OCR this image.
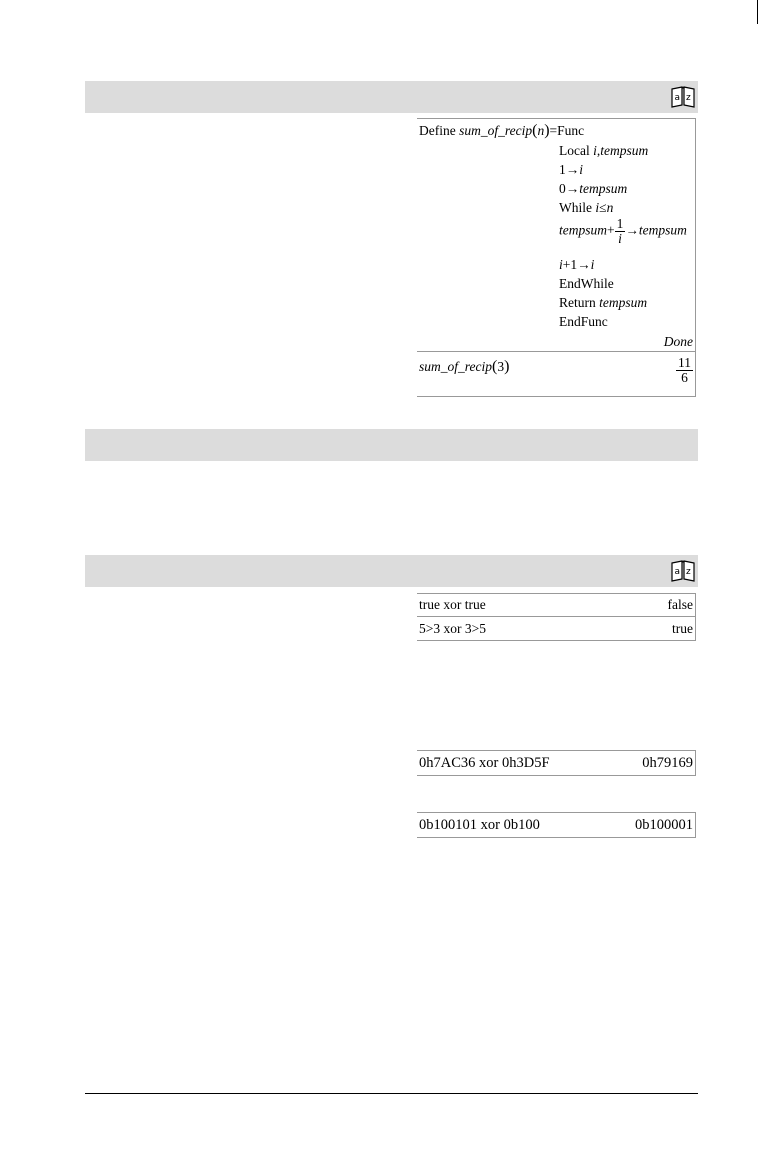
a z
Define sum_of_recip(n)=Func
Local i,tempsum
1→i
0→tempsum
While i≤n
tempsum+ $\frac{1}{i}$ →tempsum
i+1→i
EndWhile
Return tempsum
EndFunc
Done
sum_of_recip(3)	$\frac{11}{6}$
a z
true xor true	false
5>3 xor 3>5	true
0h7AC36 xor 0h3D5F	0h79169
0b100101 xor 0b100	0b100001
